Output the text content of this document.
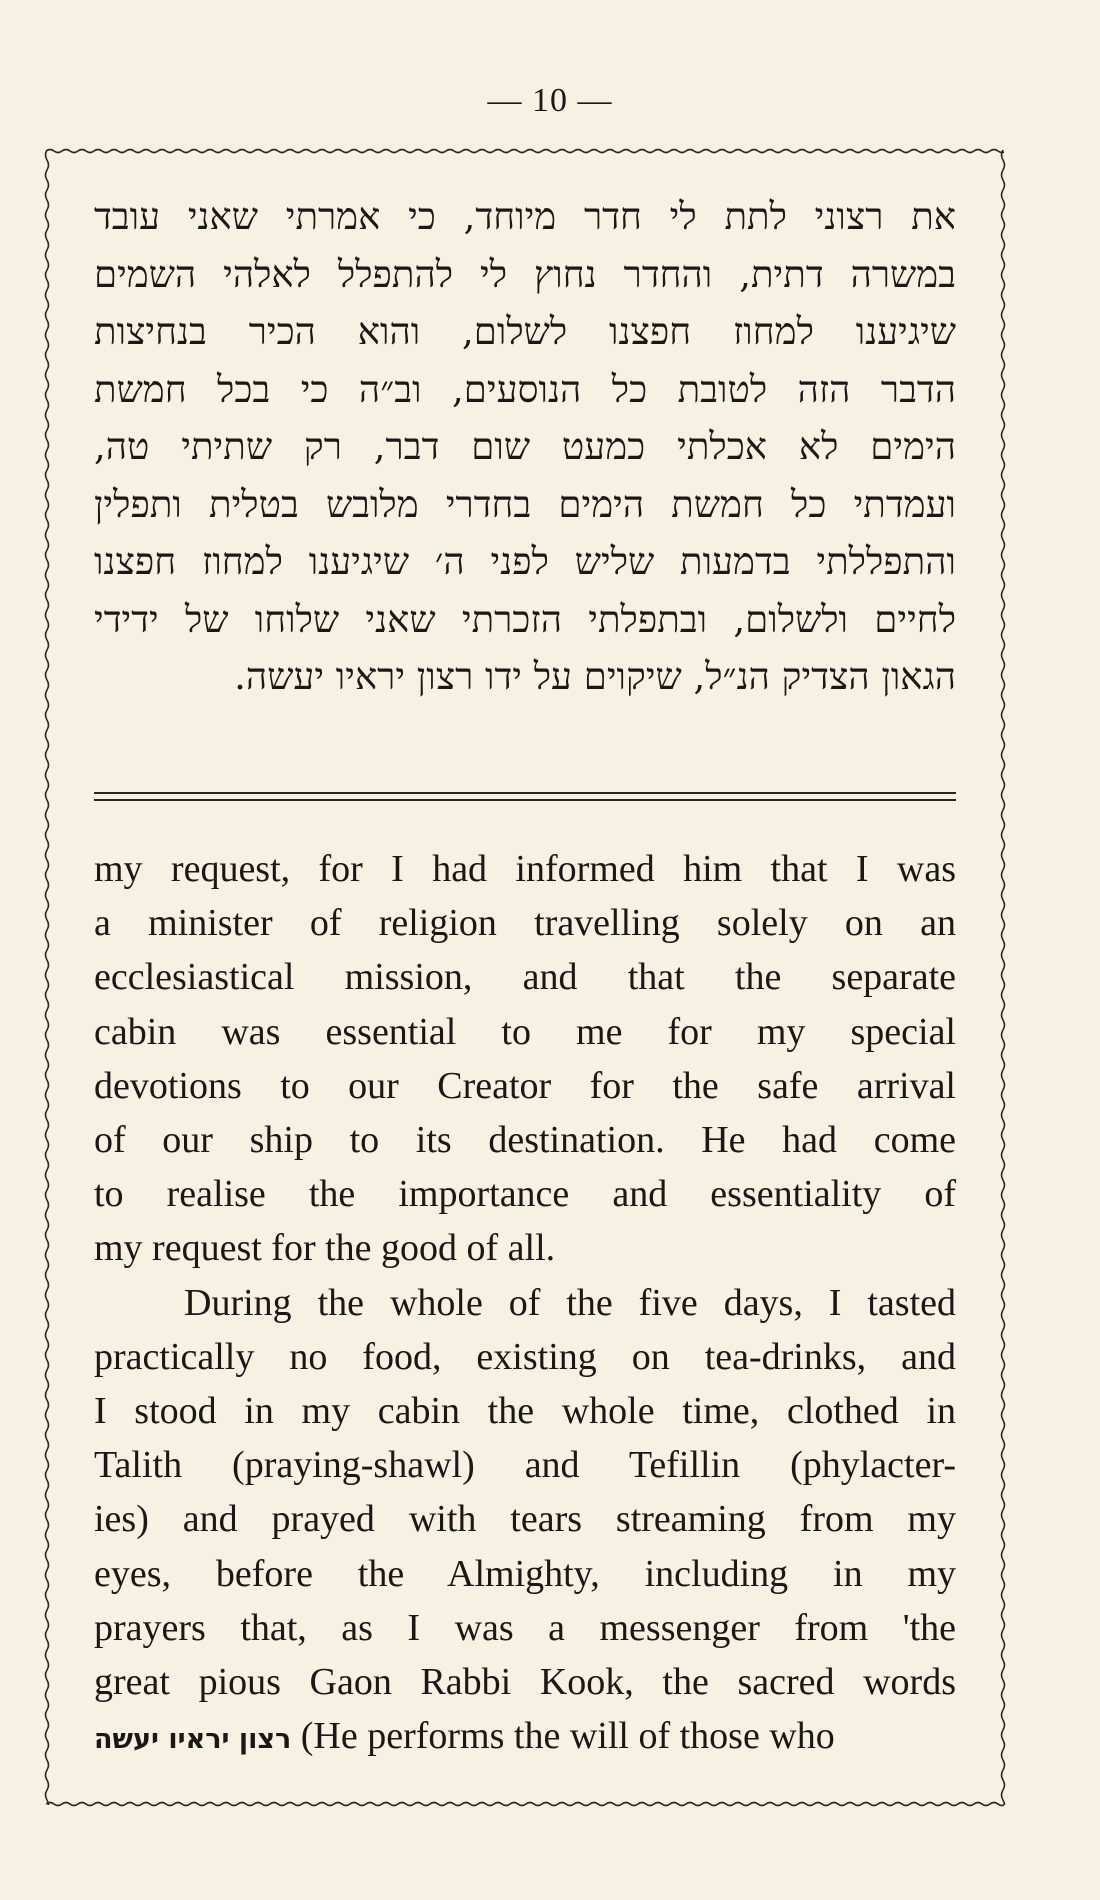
— 10 —
את רצוני לתת לי חדר מיוחד, כי אמרתי שאני עובד
במשרה דתית, והחדר נחוץ לי להתפלל לאלהי השמים
שיגיענו למחוז חפצנו לשלום, והוא הכיר בנחיצות
הדבר הזה לטובת כל הנוסעים, וב״ה כי בכל חמשת
הימים לא אכלתי כמעט שום דבר, רק שתיתי טה,
ועמדתי כל חמשת הימים בחדרי מלובש בטלית ותפלין
והתפללתי בדמעות שליש לפני ה׳ שיגיענו למחוז חפצנו
לחיים ולשלום, ובתפלתי הזכרתי שאני שלוחו של ידידי
הגאון הצדיק הנ״ל, שיקוים על ידו רצון יראיו יעשה.
my request, for I had informed him that I was
a minister of religion travelling solely on an
ecclesiastical mission, and that the separate
cabin was essential to me for my special
devotions to our Creator for the safe arrival
of our ship to its destination. He had come
to realise the importance and essentiality of
my request for the good of all.
During the whole of the five days, I tasted
practically no food, existing on tea-drinks, and
I stood in my cabin the whole time, clothed in
Talith (praying-shawl) and Tefillin (phylacter-
ies) and prayed with tears streaming from my
eyes, before the Almighty, including in my
prayers that, as I was a messenger from 'the
great pious Gaon Rabbi Kook, the sacred words
רצון יראיו יעשה (He performs the will of those who
